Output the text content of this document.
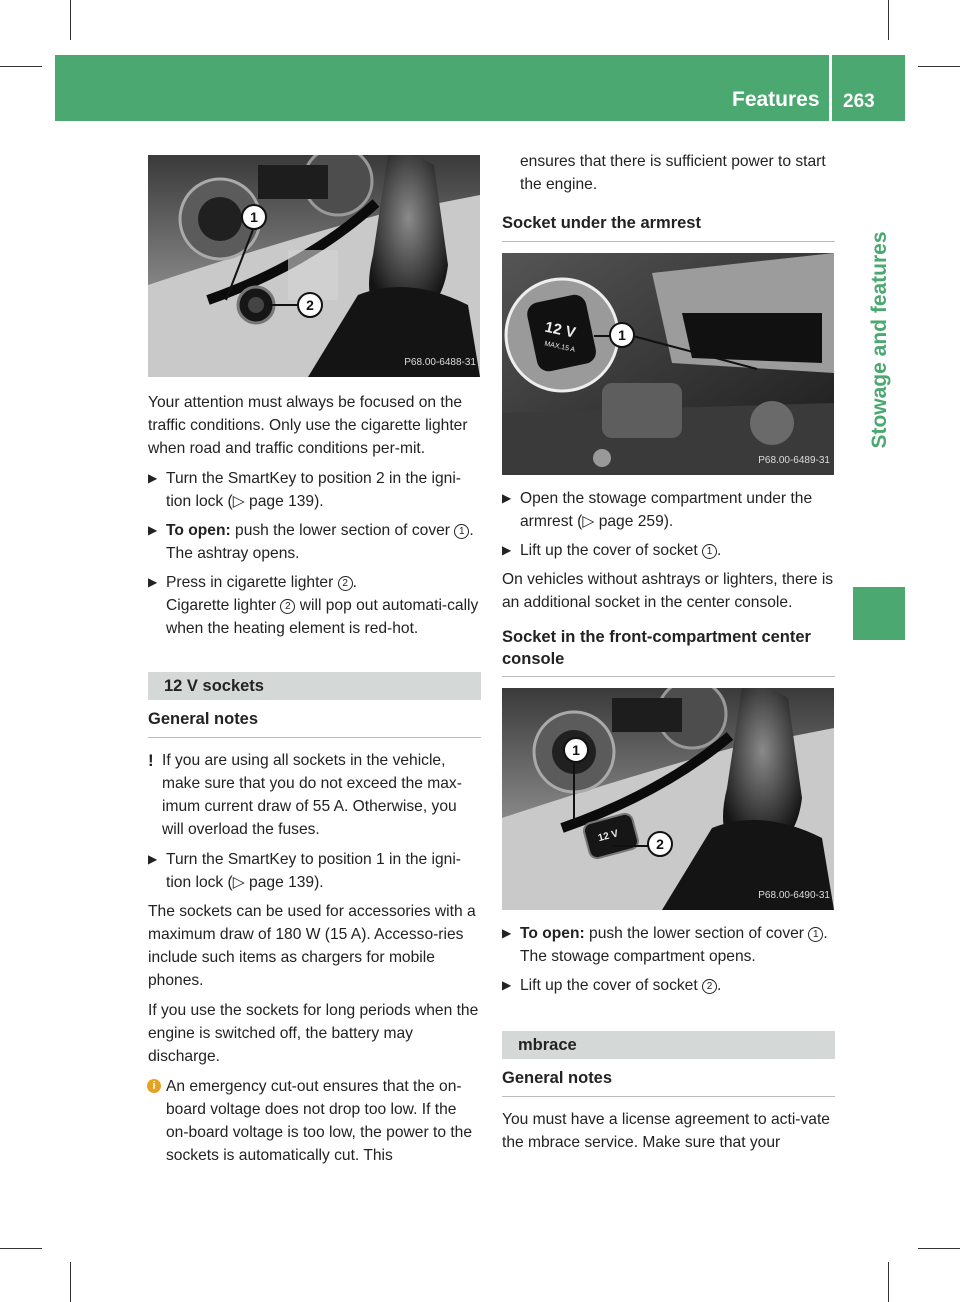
Features 263
Stowage and features
1
2
P68.00-6488-31

Your attention must always be focused on the traffic conditions. Only use the cigarette lighter when road and traffic conditions per-mit.

▶ Turn the SmartKey to position 2 in the igni-tion lock (▷ page 139).
▶ To open: push the lower section of cover 1 .
The ashtray opens.
▶ Press in cigarette lighter 2 .
Cigarette lighter 2 will pop out automati-cally when the heating element is red-hot.
12 V sockets
General notes
! If you are using all sockets in the vehicle, make sure that you do not exceed the max-imum current draw of 55 A. Otherwise, you will overload the fuses.
▶ Turn the SmartKey to position 1 in the igni-tion lock (▷ page 139).

The sockets can be used for accessories with a maximum draw of 180 W (15 A). Accesso-ries include such items as chargers for mobile phones.

If you use the sockets for long periods when the engine is switched off, the battery may discharge.

i An emergency cut-out ensures that the on-board voltage does not drop too low. If the on-board voltage is too low, the power to the sockets is automatically cut. This

ensures that there is sufficient power to start the engine.

Socket under the armrest
12 V
MAX.15 A
1
P68.00-6489-31
▶ Open the stowage compartment under the armrest (▷ page 259).
▶ Lift up the cover of socket 1 .

On vehicles without ashtrays or lighters, there is an additional socket in the center console.

Socket in the front-compartment center console
12 V
1
2
P68.00-6490-31
▶ To open: push the lower section of cover 1 .
The stowage compartment opens.
▶ Lift up the cover of socket 2 .
mbrace
General notes

You must have a license agreement to acti-vate the mbrace service. Make sure that your
